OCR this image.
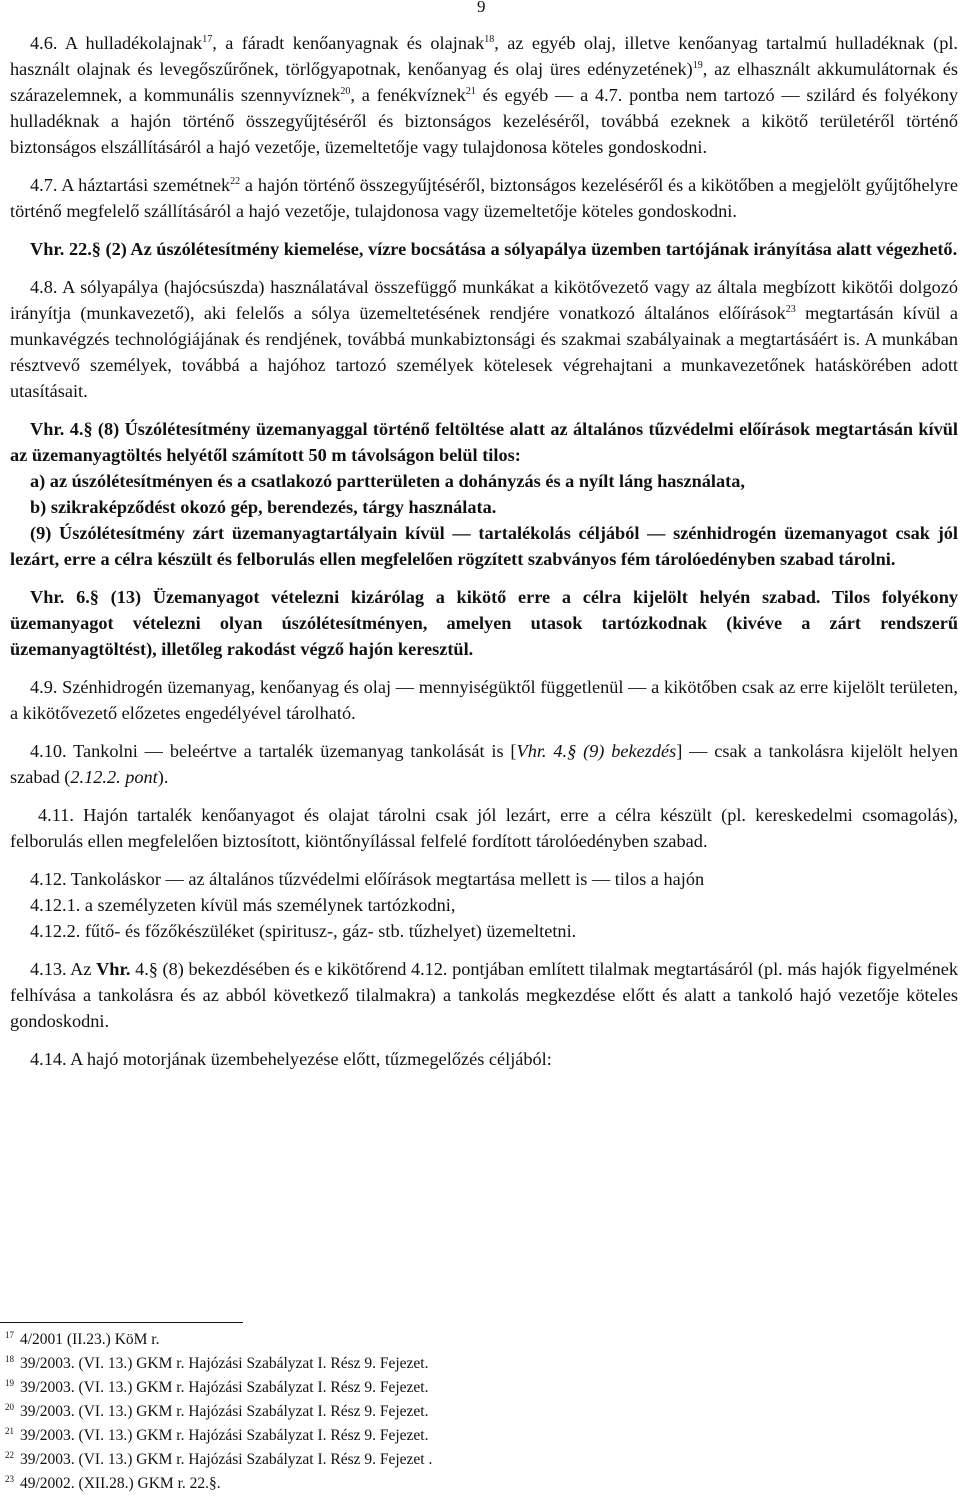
9

4.6. A hulladékolajnak$^{17}$, a fáradt kenőanyagnak és olajnak$^{18}$, az egyéb olaj, illetve kenőanyag tartalmú hulladéknak (pl. használt olajnak és levegőszűrőnek, törlőgyapotnak, kenőanyag és olaj üres edényzetének)$^{19}$, az elhasznált akkumulátornak és szárazelemnek, a kommunális szennyvíznek$^{20}$, a fenékvíznek$^{21}$ és egyéb — a 4.7. pontba nem tartozó — szilárd és folyékony hulladéknak a hajón történő összegyűjtéséről és biztonságos kezeléséről, továbbá ezeknek a kikötő területéről történő biztonságos elszállításáról a hajó vezetője, üzemeltetője vagy tulajdonosa köteles gondoskodni.

4.7. A háztartási szemétnek$^{22}$ a hajón történő összegyűjtéséről, biztonságos kezeléséről és a kikötőben a megjelölt gyűjtőhelyre történő megfelelő szállításáról a hajó vezetője, tulajdonosa vagy üzemeltetője köteles gondoskodni.

Vhr. 22.§ (2) Az úszólétesítmény kiemelése, vízre bocsátása a sólyapálya üzemben tartójának irányítása alatt végezhető.

4.8. A sólyapálya (hajócsúszda) használatával összefüggő munkákat a kikötővezető vagy az általa megbízott kikötői dolgozó irányítja (munkavezető), aki felelős a sólya üzemeltetésének rendjére vonatkozó általános előírások$^{23}$ megtartásán kívül a munkavégzés technológiájának és rendjének, továbbá munkabiztonsági és szakmai szabályainak a megtartásáért is. A munkában résztvevő személyek, továbbá a hajóhoz tartozó személyek kötelesek végrehajtani a munkavezetőnek hatáskörében adott utasításait.

Vhr. 4.§ (8) Úszólétesítmény üzemanyaggal történő feltöltése alatt az általános tűzvédelmi előírások megtartásán kívül az üzemanyagtöltés helyétől számított 50 m távolságon belül tilos:

a) az úszólétesítményen és a csatlakozó partterületen a dohányzás és a nyílt láng használata,

b) szikraképződést okozó gép, berendezés, tárgy használata.

(9) Úszólétesítmény zárt üzemanyagtartályain kívül — tartalékolás céljából — szénhidrogén üzemanyagot csak jól lezárt, erre a célra készült és felborulás ellen megfelelően rögzített szabványos fém tárolóedényben szabad tárolni.

Vhr. 6.§ (13) Üzemanyagot vételezni kizárólag a kikötő erre a célra kijelölt helyén szabad. Tilos folyékony üzemanyagot vételezni olyan úszólétesítményen, amelyen utasok tartózkodnak (kivéve a zárt rendszerű üzemanyagtöltést), illetőleg rakodást végző hajón keresztül.

4.9. Szénhidrogén üzemanyag, kenőanyag és olaj — mennyiségüktől függetlenül — a kikötőben csak az erre kijelölt területen, a kikötővezető előzetes engedélyével tárolható.

4.10. Tankolni — beleértve a tartalék üzemanyag tankolását is [Vhr. 4.§ (9) bekezdés] — csak a tankolásra kijelölt helyen szabad (2.12.2. pont).

4.11. Hajón tartalék kenőanyagot és olajat tárolni csak jól lezárt, erre a célra készült (pl. kereskedelmi csomagolás), felborulás ellen megfelelően biztosított, kiöntőnyílással felfelé fordított tárolóedényben szabad.

4.12. Tankoláskor — az általános tűzvédelmi előírások megtartása mellett is — tilos a hajón

4.12.1. a személyzeten kívül más személynek tartózkodni,

4.12.2. fűtő- és főzőkészüléket (spiritusz-, gáz- stb. tűzhelyet) üzemeltetni.

4.13. Az Vhr. 4.§ (8) bekezdésében és e kikötőrend 4.12. pontjában említett tilalmak megtartásáról (pl. más hajók figyelmének felhívása a tankolásra és az abból következő tilalmakra) a tankolás megkezdése előtt és alatt a tankoló hajó vezetője köteles gondoskodni.

4.14. A hajó motorjának üzembehelyezése előtt, tűzmegelőzés céljából:

$^{17}$ 4/2001 (II.23.) KöM r.
$^{18}$ 39/2003. (VI. 13.) GKM r. Hajózási Szabályzat I. Rész 9. Fejezet.
$^{19}$ 39/2003. (VI. 13.) GKM r. Hajózási Szabályzat I. Rész 9. Fejezet.
$^{20}$ 39/2003. (VI. 13.) GKM r. Hajózási Szabályzat I. Rész 9. Fejezet.
$^{21}$ 39/2003. (VI. 13.) GKM r. Hajózási Szabályzat I. Rész 9. Fejezet.
$^{22}$ 39/2003. (VI. 13.) GKM r. Hajózási Szabályzat I. Rész 9. Fejezet .
$^{23}$ 49/2002. (XII.28.) GKM r. 22.§.
